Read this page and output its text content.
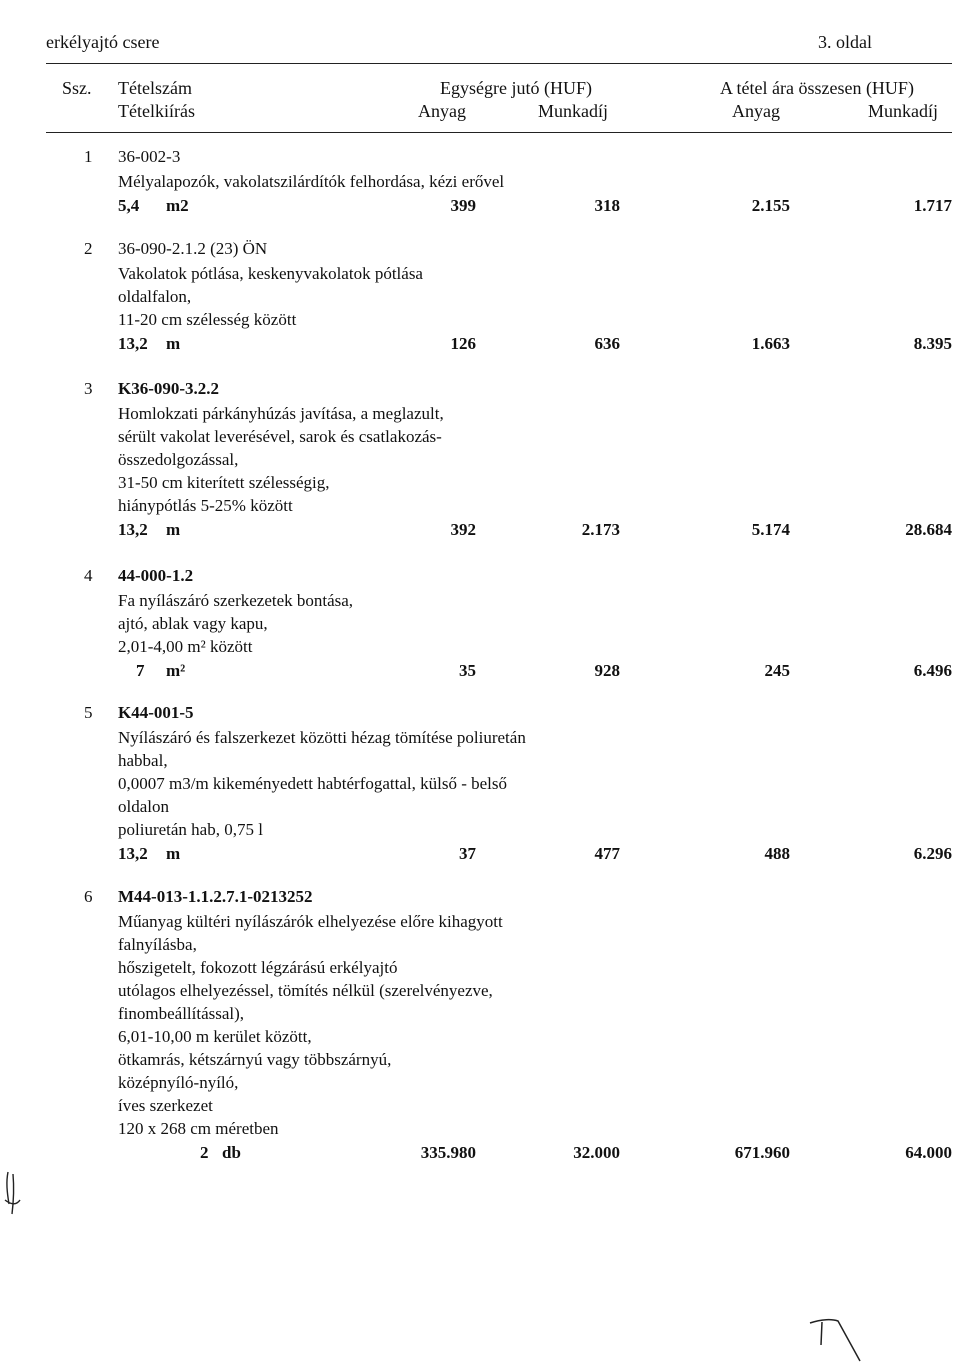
erkélyajtó csere	3. oldal
Ssz. Tételszám
Tételkiírás
Egységre jutó (HUF)	A tétel ára összesen (HUF)
Anyag	Munkadíj	Anyag	Munkadíj
1 36-002-3
Mélyalapozók, vakolatszilárdítók felhordása, kézi erővel
5,4 m2	399	318	2.155	1.717
2 36-090-2.1.2 (23) ÖN
Vakolatok pótlása, keskenyvakolatok pótlása
oldalfalon,
11-20 cm szélesség között
13,2 m	126	636	1.663	8.395
3 K36-090-3.2.2
Homlokzati párkányhúzás javítása, a meglazult,
sérült vakolat leverésével, sarok és csatlakozás-
összedolgozással,
31-50 cm kiterített szélességig,
hiánypótlás 5-25% között
13,2 m	392	2.173	5.174	28.684
4 44-000-1.2
Fa nyílászáró szerkezetek bontása,
ajtó, ablak vagy kapu,
2,01-4,00 m² között
7 m²	35	928	245	6.496
5 K44-001-5
Nyílászáró és falszerkezet közötti hézag tömítése poliuretán
habbal,
0,0007 m3/m kikeményedett habtérfogattal, külső - belső
oldalon
poliuretán hab, 0,75 l
13,2 m	37	477	488	6.296
6 M44-013-1.1.2.7.1-0213252
Műanyag kültéri nyílászárók elhelyezése előre kihagyott
falnyílásba,
hőszigetelt, fokozott légzárású erkélyajtó
utólagos elhelyezéssel, tömítés nélkül (szerelvényezve,
finombeállítással),
6,01-10,00 m kerület között,
ötkamrás, kétszárnyú vagy többszárnyú,
középnyíló-nyíló,
íves szerkezet
120 x 268 cm méretben
2 db	335.980	32.000	671.960	64.000
